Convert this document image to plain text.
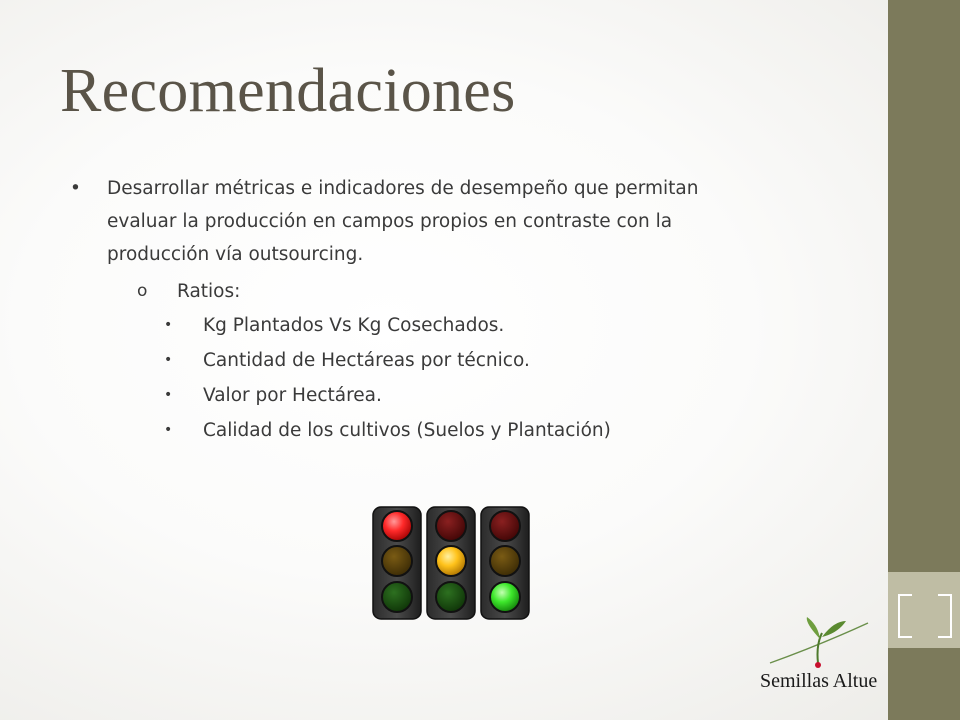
Recomendaciones
• Desarrollar métricas e indicadores de desempeño que permitan
evaluar la producción en campos propios en contraste con la
producción vía outsourcing.
o Ratios:
• Kg Plantados Vs Kg Cosechados.
• Cantidad de Hectáreas por técnico.
• Valor por Hectárea.
• Calidad de los cultivos (Suelos y Plantación)
Semillas Altue
